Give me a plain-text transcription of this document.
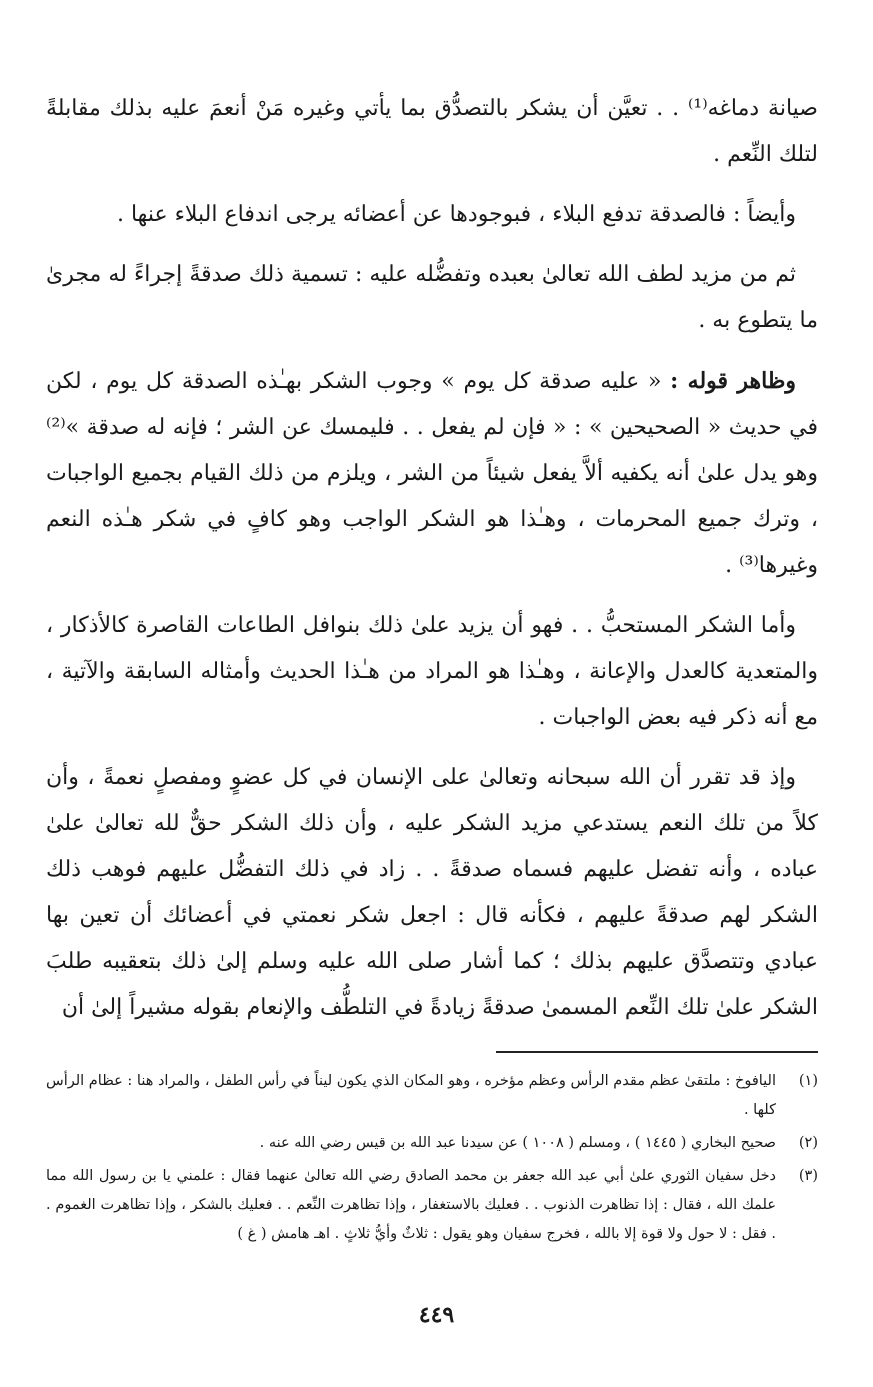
صيانة دماغه⁽¹⁾ . . تعيَّن أن يشكر بالتصدُّق بما يأتي وغيره مَنْ أنعمَ عليه بذلك مقابلةً لتلك النِّعم .

وأيضاً : فالصدقة تدفع البلاء ، فبوجودها عن أعضائه يرجى اندفاع البلاء عنها .

ثم من مزيد لطف الله تعالىٰ بعبده وتفضُّله عليه : تسمية ذلك صدقةً إجراءً له مجرىٰ ما يتطوع به .

وظاهر قوله : « عليه صدقة كل يوم » وجوب الشكر بهـٰذه الصدقة كل يوم ، لكن في حديث « الصحيحين » : « فإن لم يفعل . . فليمسك عن الشر ؛ فإنه له صدقة »⁽²⁾ وهو يدل علىٰ أنه يكفيه ألاَّ يفعل شيئاً من الشر ، ويلزم من ذلك القيام بجميع الواجبات ، وترك جميع المحرمات ، وهـٰذا هو الشكر الواجب وهو كافٍ في شكر هـٰذه النعم وغيرها⁽³⁾ .

وأما الشكر المستحبُّ . . فهو أن يزيد علىٰ ذلك بنوافل الطاعات القاصرة كالأذكار ، والمتعدية كالعدل والإعانة ، وهـٰذا هو المراد من هـٰذا الحديث وأمثاله السابقة والآتية ، مع أنه ذكر فيه بعض الواجبات .

وإذ قد تقرر أن الله سبحانه وتعالىٰ على الإنسان في كل عضوٍ ومفصلٍ نعمةً ، وأن كلاً من تلك النعم يستدعي مزيد الشكر عليه ، وأن ذلك الشكر حقٌّ لله تعالىٰ علىٰ عباده ، وأنه تفضل عليهم فسماه صدقةً . . زاد في ذلك التفضُّل عليهم فوهب ذلك الشكر لهم صدقةً عليهم ، فكأنه قال : اجعل شكر نعمتي في أعضائك أن تعين بها عبادي وتتصدَّق عليهم بذلك ؛ كما أشار صلى الله عليه وسلم إلىٰ ذلك بتعقيبه طلبَ الشكر علىٰ تلك النِّعم المسمىٰ صدقةً زيادةً في التلطُّف والإنعام بقوله مشيراً إلىٰ أن

(١)
اليافوخ : ملتقىٰ عظم مقدم الرأس وعظم مؤخره ، وهو المكان الذي يكون ليناً في رأس الطفل ، والمراد هنا : عظام الرأس كلها .
(٢)
صحيح البخاري ( ١٤٤٥ ) ، ومسلم ( ١٠٠٨ ) عن سيدنا عبد الله بن قيس رضي الله عنه .
(٣)
دخل سفيان الثوري علىٰ أبي عبد الله جعفر بن محمد الصادق رضي الله تعالىٰ عنهما فقال : علمني يا بن رسول الله مما علمك الله ، فقال : إذا تظاهرت الذنوب . . فعليك بالاستغفار ، وإذا تظاهرت النِّعم . . فعليك بالشكر ، وإذا تظاهرت الغموم . . فقل : لا حول ولا قوة إلا بالله ، فخرج سفيان وهو يقول : ثلاثٌ وأيُّ ثلاثٍ . اهـ هامش ( غ )
٤٤٩
